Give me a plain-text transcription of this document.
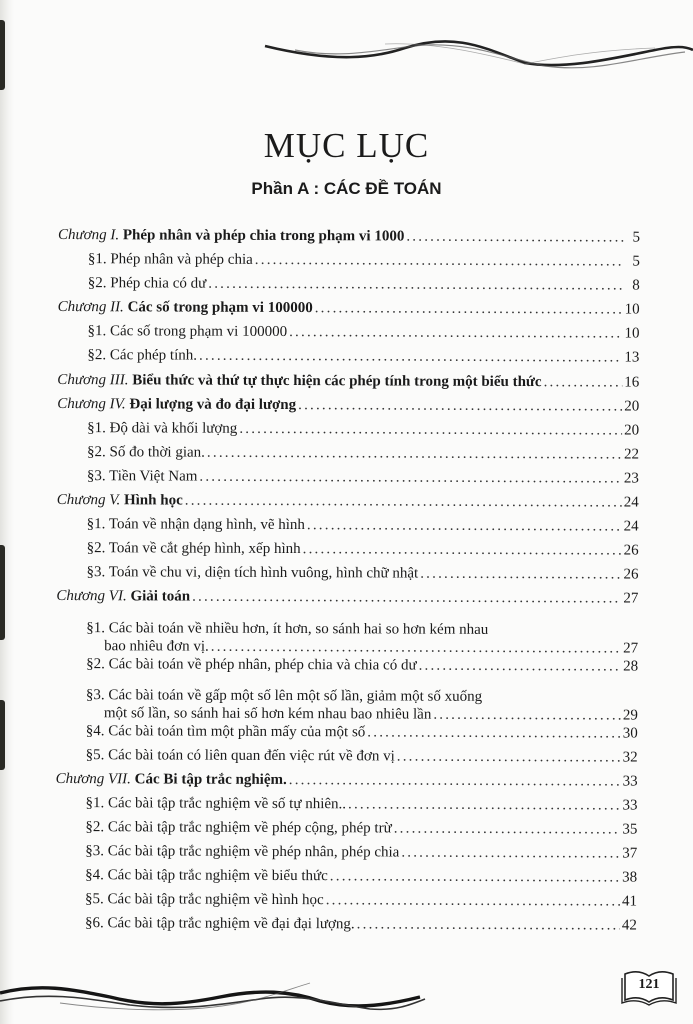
MỤC LỤC
Phần A : CÁC ĐỀ TOÁN
Chương I. Phép nhân và phép chia trong phạm vi 1000 .....	5
§1. Phép nhân và phép chia .....	5
§2. Phép chia có dư .....	8
Chương II. Các số trong phạm vi 100000 .....	10
§1. Các số trong phạm vi 100000 .....	10
§2. Các phép tính. .....	13
Chương III. Biểu thức và thứ tự thực hiện các phép tính trong một biểu thức .....	16
Chương IV. Đại lượng và đo đại lượng .....	20
§1. Độ dài và khối lượng .....	20
§2. Số đo thời gian. .....	22
§3. Tiền Việt Nam .....	23
Chương V. Hình học .....	24
§1. Toán về nhận dạng hình, vẽ hình .....	24
§2. Toán về cắt ghép hình, xếp hình .....	26
§3. Toán về chu vi, diện tích hình vuông, hình chữ nhật .....	26
Chương VI. Giải toán .....	27
§1. Các bài toán về nhiều hơn, ít hơn, so sánh hai so hơn kém nhau
bao nhiêu đơn vị. .....	27
§2. Các bài toán về phép nhân, phép chia và chia có dư .....	28
§3. Các bài toán về gấp một số lên một số lần, giảm một số xuống
một số lần, so sánh hai số hơn kém nhau bao nhiêu lần .....	29
§4. Các bài toán tìm một phần mấy của một số .....	30
§5. Các bài toán có liên quan đến việc rút về đơn vị .....	32
Chương VII. Các Bi tập trắc nghiệm. .....	33
§1. Các bài tập trắc nghiệm về số tự nhiên.. .....	33
§2. Các bài tập trắc nghiệm về phép cộng, phép trừ .....	35
§3. Các bài tập trắc nghiệm về phép nhân, phép chia .....	37
§4. Các bài tập trắc nghiệm về biểu thức .....	38
§5. Các bài tập trắc nghiệm về hình học .....	41
§6. Các bài tập trắc nghiệm về đại đại lượng. .....	42
121
